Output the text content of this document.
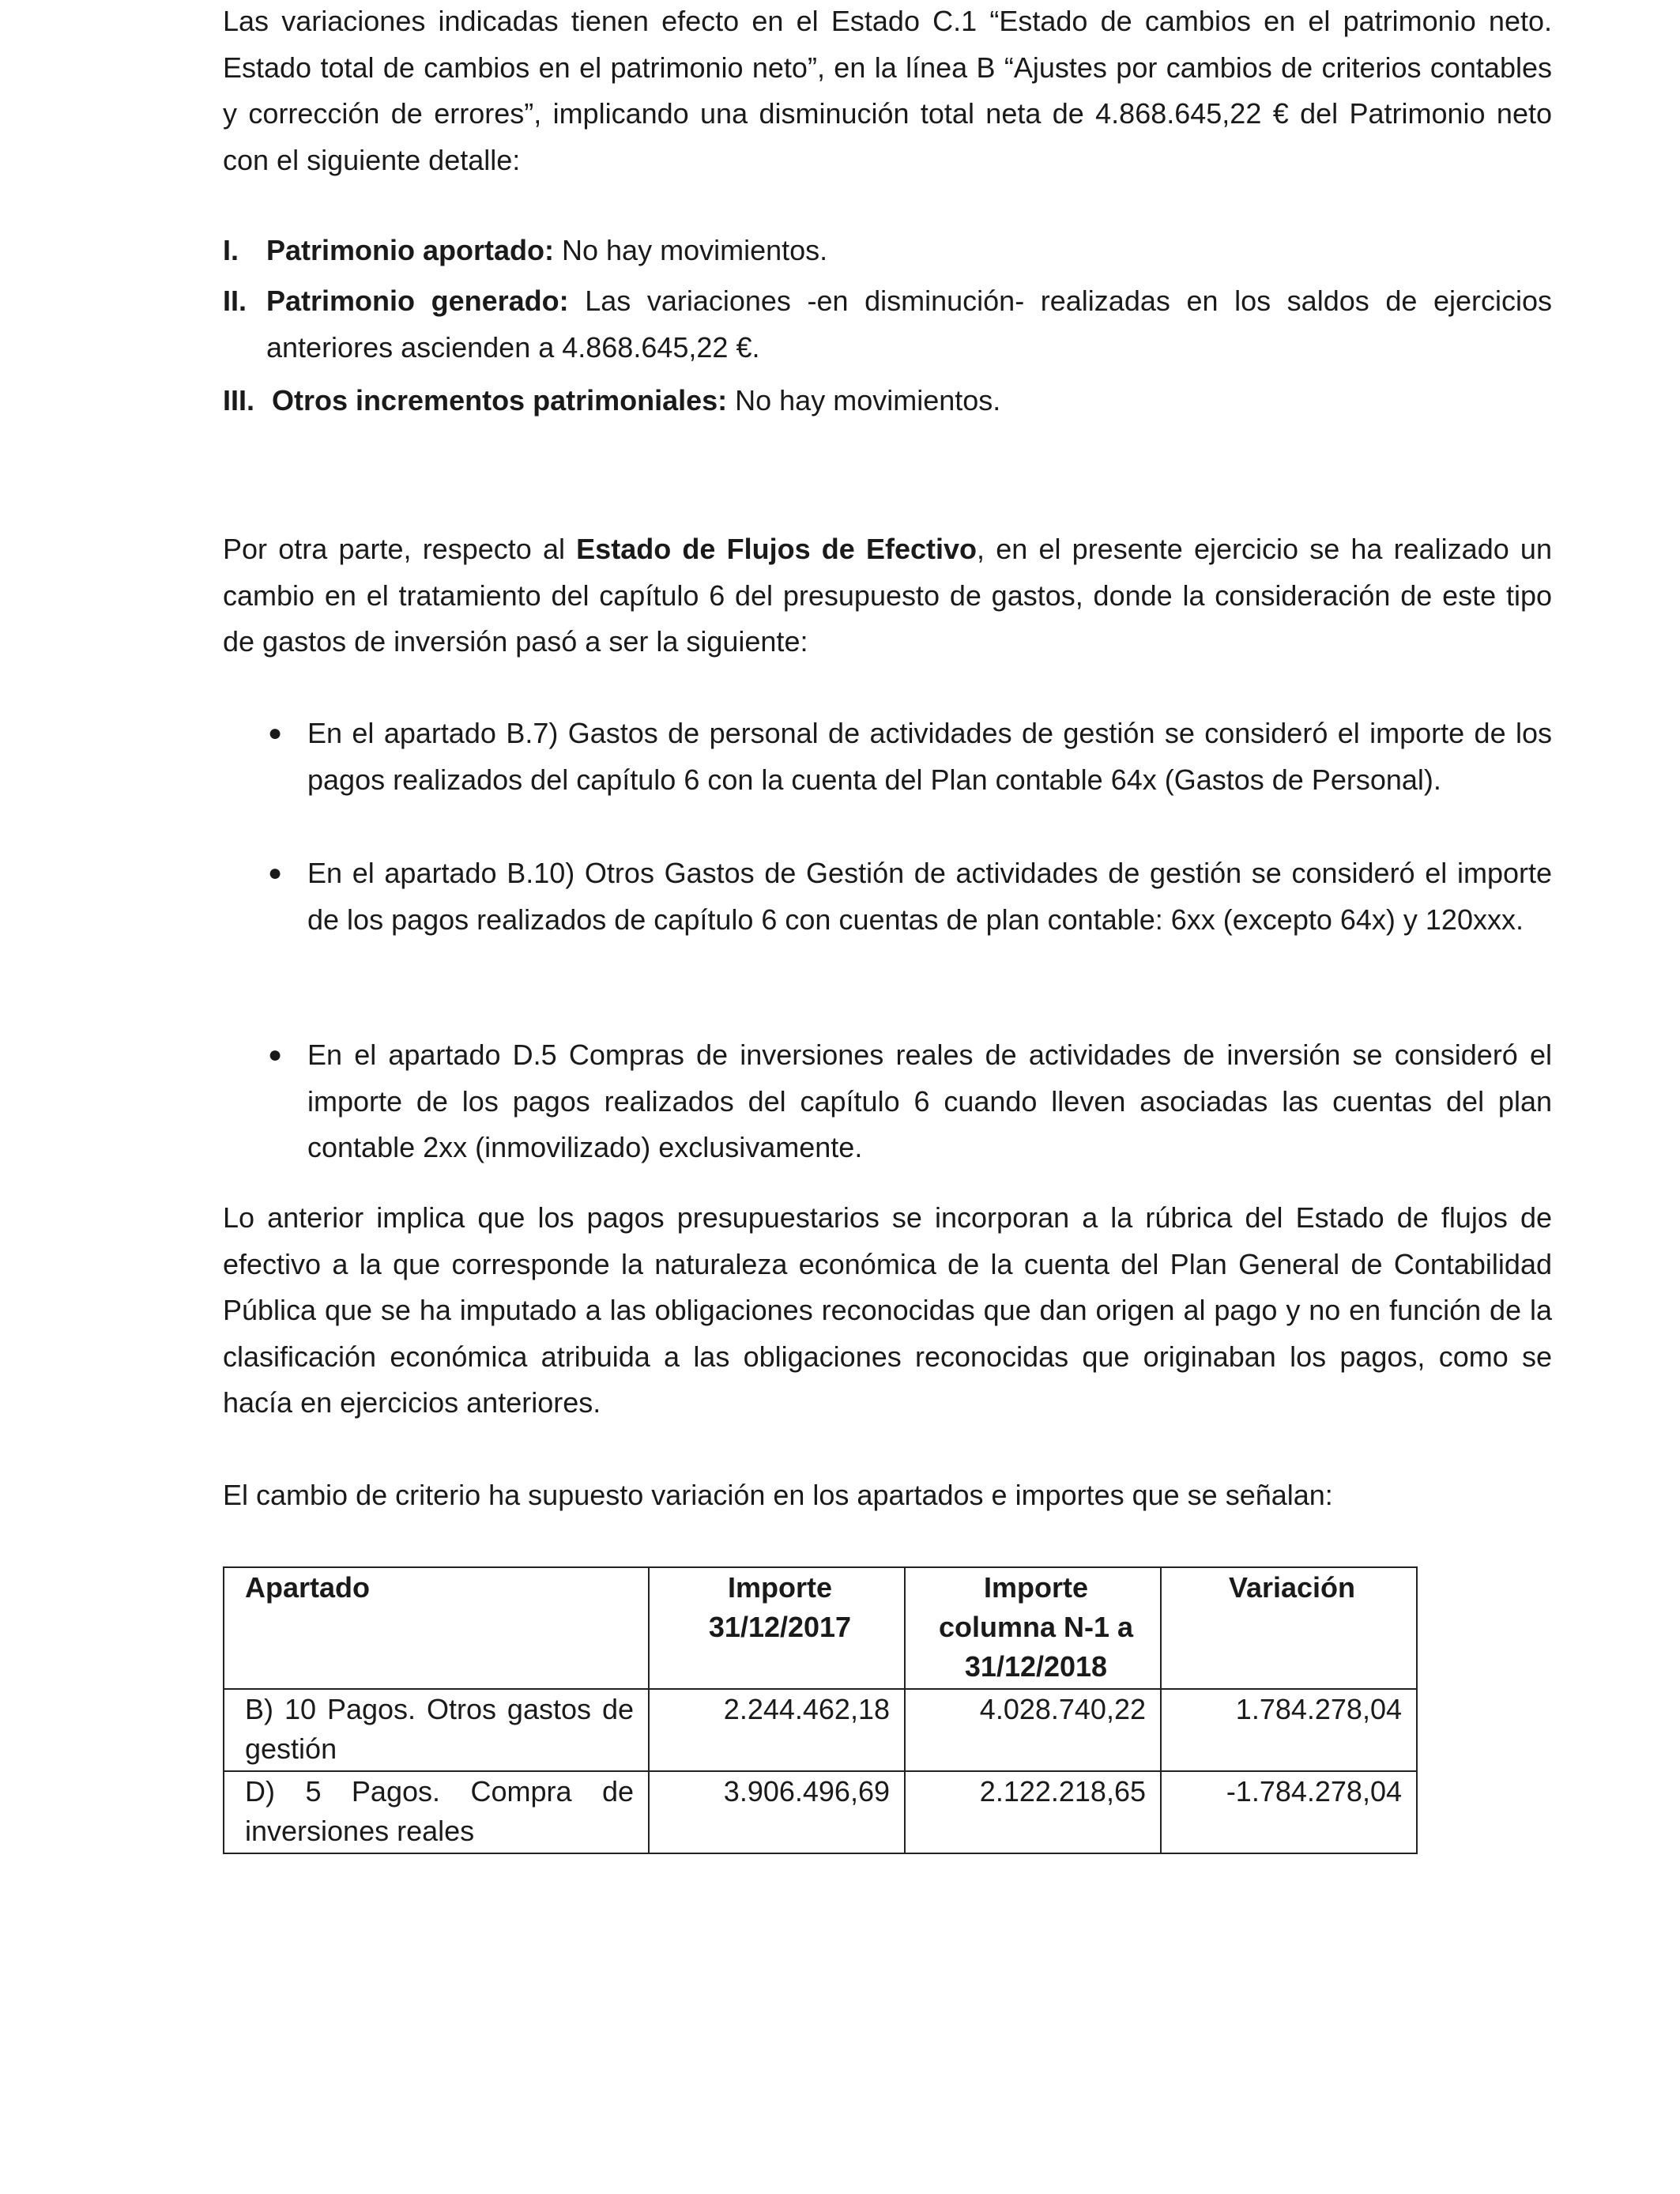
Las variaciones indicadas tienen efecto en el Estado C.1 “Estado de cambios en el patrimonio neto. Estado total de cambios en el patrimonio neto”, en la línea B “Ajustes por cambios de criterios contables y corrección de errores”, implicando una disminución total neta de 4.868.645,22 € del Patrimonio neto con el siguiente detalle:

I. Patrimonio aportado: No hay movimientos.
II. Patrimonio generado: Las variaciones -en disminución- realizadas en los saldos de ejercicios anteriores ascienden a 4.868.645,22 €.
III. Otros incrementos patrimoniales: No hay movimientos.

Por otra parte, respecto al Estado de Flujos de Efectivo, en el presente ejercicio se ha realizado un cambio en el tratamiento del capítulo 6 del presupuesto de gastos, donde la consideración de este tipo de gastos de inversión pasó a ser la siguiente:

● En el apartado B.7) Gastos de personal de actividades de gestión se consideró el importe de los pagos realizados del capítulo 6 con la cuenta del Plan contable 64x (Gastos de Personal).
● En el apartado B.10) Otros Gastos de Gestión de actividades de gestión se consideró el importe de los pagos realizados de capítulo 6 con cuentas de plan contable: 6xx (excepto 64x) y 120xxx.
● En el apartado D.5 Compras de inversiones reales de actividades de inversión se consideró el importe de los pagos realizados del capítulo 6 cuando lleven asociadas las cuentas del plan contable 2xx (inmovilizado) exclusivamente.

Lo anterior implica que los pagos presupuestarios se incorporan a la rúbrica del Estado de flujos de efectivo a la que corresponde la naturaleza económica de la cuenta del Plan General de Contabilidad Pública que se ha imputado a las obligaciones reconocidas que dan origen al pago y no en función de la clasificación económica atribuida a las obligaciones reconocidas que originaban los pagos, como se hacía en ejercicios anteriores.

El cambio de criterio ha supuesto variación en los apartados e importes que se señalan:

Apartado	Importe 31/12/2017	Importe columna N-1 a 31/12/2018	Variación
B) 10 Pagos. Otros gastos de gestión	2.244.462,18	4.028.740,22	1.784.278,04
D) 5 Pagos. Compra de inversiones reales	3.906.496,69	2.122.218,65	-1.784.278,04
